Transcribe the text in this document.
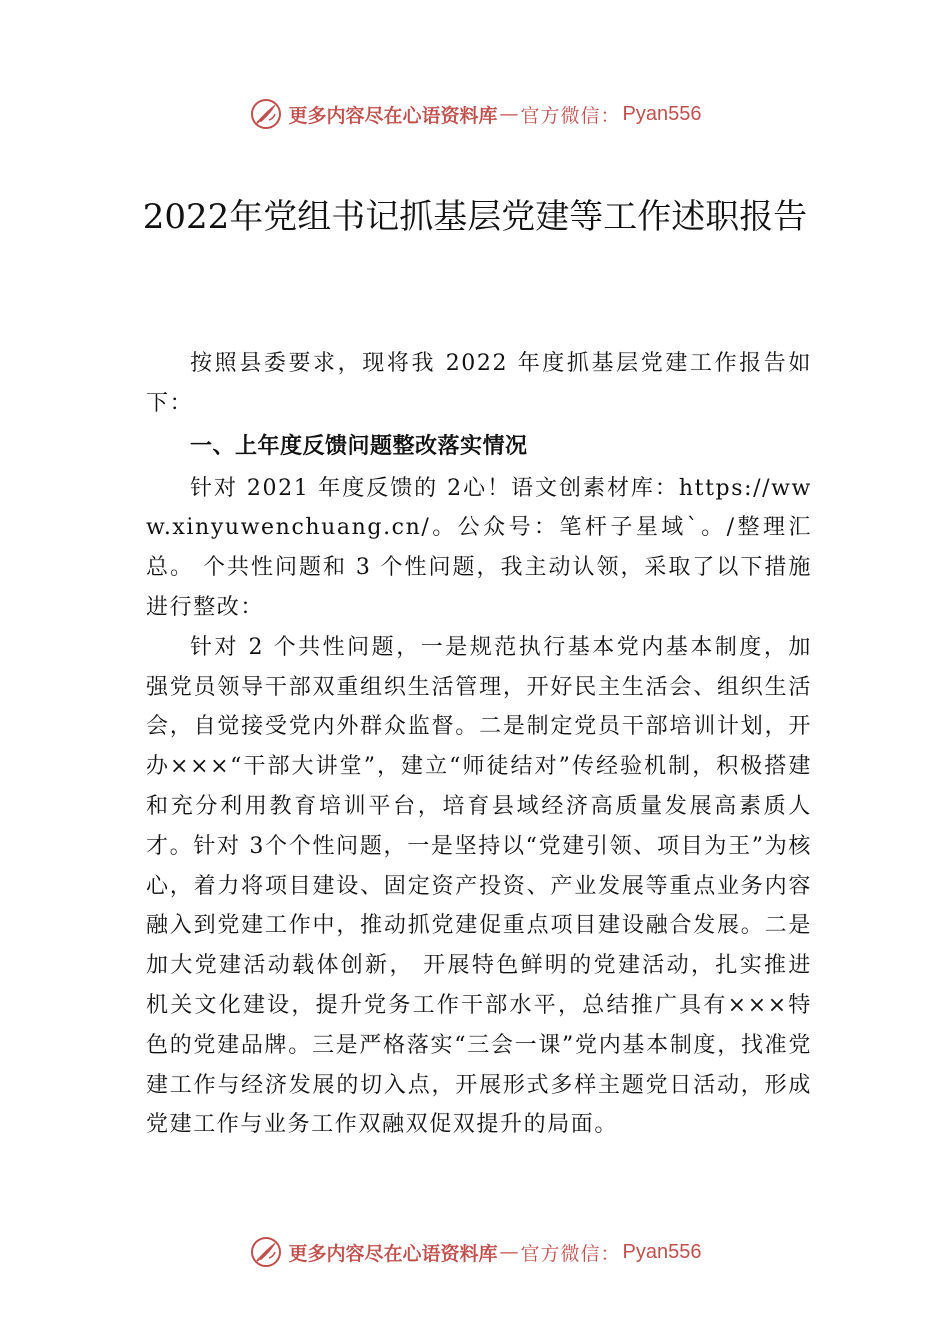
更多内容尽在心语资料库 — 官方微信： Pyan556
2022年党组书记抓基层党建等工作述职报告

按照县委要求，现将我 2022 年度抓基层党建工作报告如下：

一、上年度反馈问题整改落实情况

针对 2021 年度反馈的 2心！语文创素材库：https://www.xinyuwenchuang.cn/。公众号：笔杆子星域`。/整理汇总。 个共性问题和 3 个性问题，我主动认领，采取了以下措施进行整改：

针对 2 个共性问题，一是规范执行基本党内基本制度，加强党员领导干部双重组织生活管理，开好民主生活会、组织生活会，自觉接受党内外群众监督。二是制定党员干部培训计划，开办×××“干部大讲堂”，建立“师徒结对”传经验机制，积极搭建和充分利用教育培训平台，培育县域经济高质量发展高素质人才。针对 3个个性问题，一是坚持以“党建引领、项目为王”为核心，着力将项目建设、固定资产投资、产业发展等重点业务内容融入到党建工作中，推动抓党建促重点项目建设融合发展。二是加大党建活动载体创新， 开展特色鲜明的党建活动，扎实推进机关文化建设，提升党务工作干部水平，总结推广具有×××特色的党建品牌。三是严格落实“三会一课”党内基本制度，找准党建工作与经济发展的切入点，开展形式多样主题党日活动，形成党建工作与业务工作双融双促双提升的局面。

更多内容尽在心语资料库 — 官方微信： Pyan556
